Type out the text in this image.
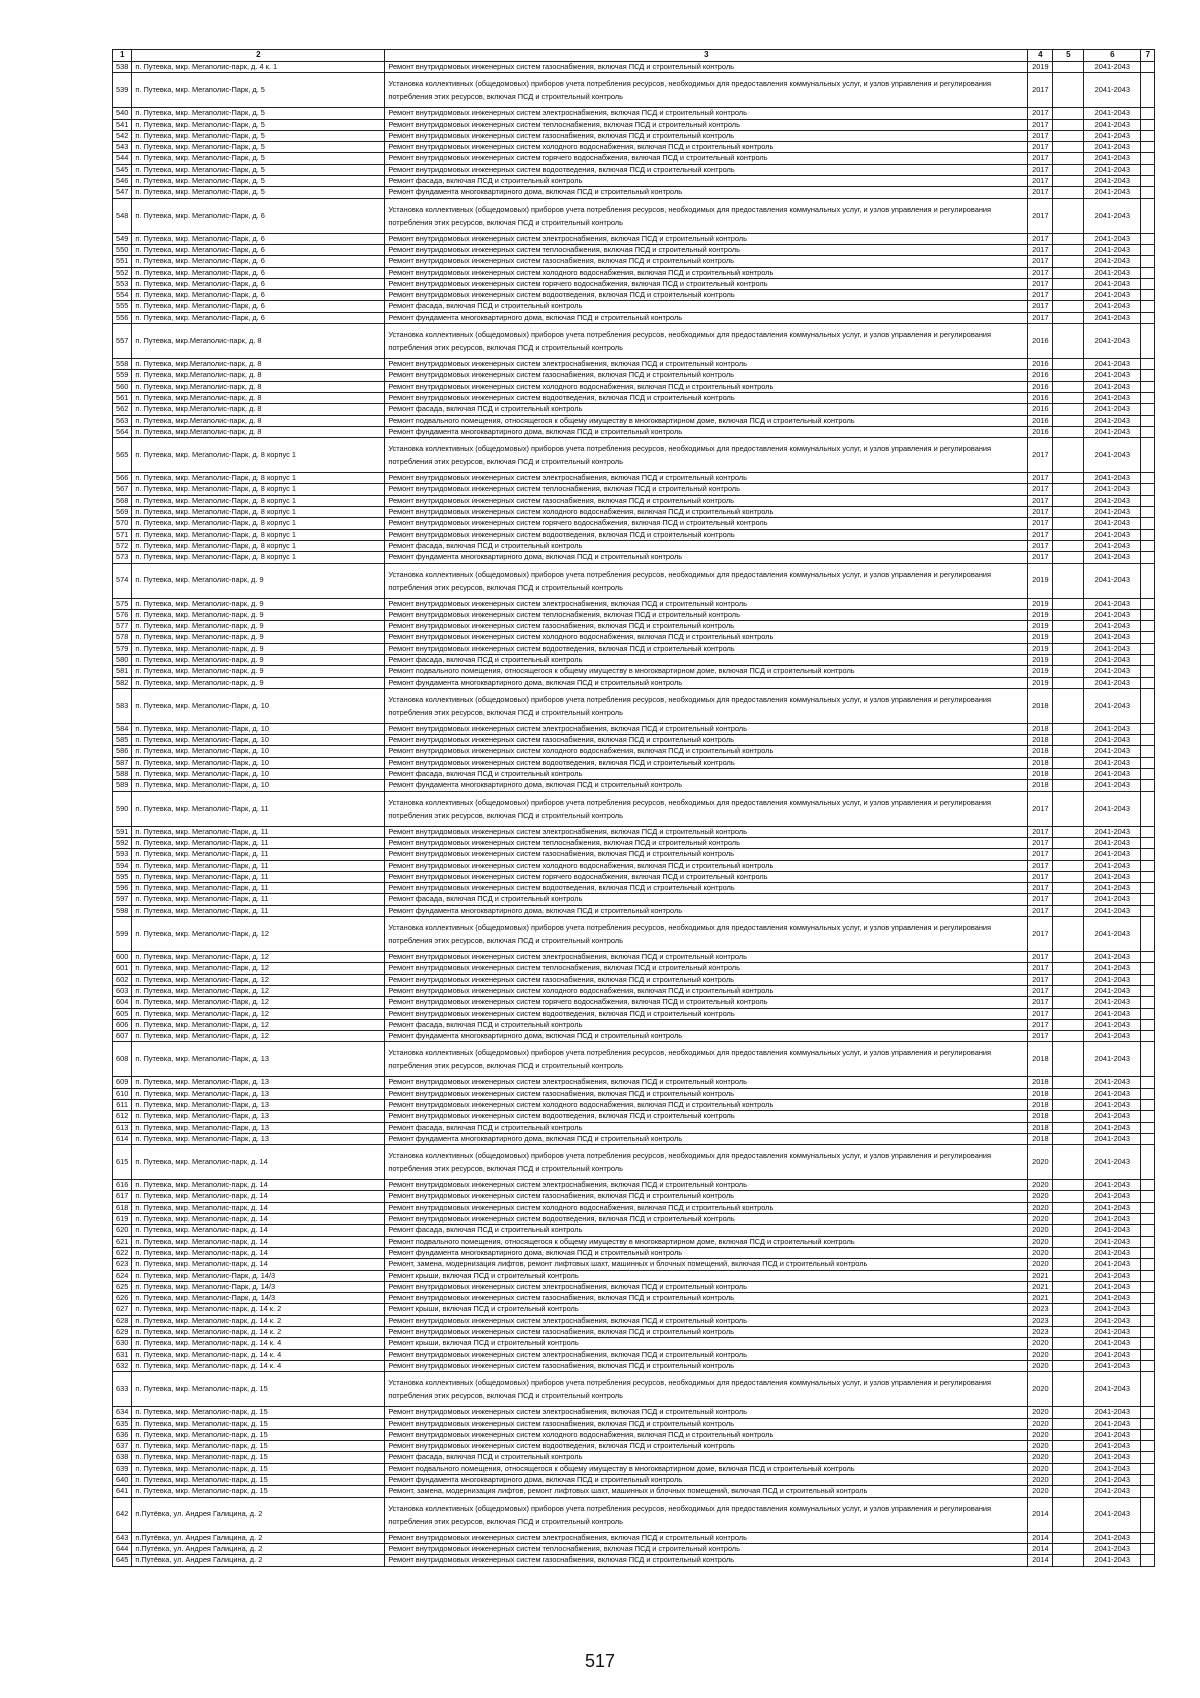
1	2	3	4	5	6	7
538	п. Путевка, мкр. Мегаполис-парк, д. 4 к. 1	Ремонт внутридомовых инженерных систем газоснабжения, включая ПСД и строительный контроль	2019		2041-2043	
539	п. Путевка, мкр. Мегаполис-Парк, д. 5	Установка коллективных (общедомовых) приборов учета потребления ресурсов, необходимых для предоставления коммунальных услуг, и узлов управления и регулирования потребления этих ресурсов, включая ПСД и строительный контроль	2017		2041-2043	
540	п. Путевка, мкр. Мегаполис-Парк, д. 5	Ремонт внутридомовых инженерных систем электроснабжения, включая ПСД и строительный контроль	2017		2041-2043	
541	п. Путевка, мкр. Мегаполис-Парк, д. 5	Ремонт внутридомовых инженерных систем теплоснабжения, включая ПСД и строительный контроль	2017		2041-2043	
542	п. Путевка, мкр. Мегаполис-Парк, д. 5	Ремонт внутридомовых инженерных систем газоснабжения, включая ПСД и строительный контроль	2017		2041-2043	
543	п. Путевка, мкр. Мегаполис-Парк, д. 5	Ремонт внутридомовых инженерных систем холодного водоснабжения, включая ПСД и строительный контроль	2017		2041-2043	
544	п. Путевка, мкр. Мегаполис-Парк, д. 5	Ремонт внутридомовых инженерных систем горячего водоснабжения, включая ПСД и строительный контроль	2017		2041-2043	
545	п. Путевка, мкр. Мегаполис-Парк, д. 5	Ремонт внутридомовых инженерных систем водоотведения, включая ПСД и строительный контроль	2017		2041-2043	
546	п. Путевка, мкр. Мегаполис-Парк, д. 5	Ремонт фасада, включая ПСД и строительный контроль	2017		2041-2043	
547	п. Путевка, мкр. Мегаполис-Парк, д. 5	Ремонт фундамента многоквартирного дома, включая ПСД и строительный контроль	2017		2041-2043	
548	п. Путевка, мкр. Мегаполис-Парк, д. 6	Установка коллективных (общедомовых) приборов учета потребления ресурсов, необходимых для предоставления коммунальных услуг, и узлов управления и регулирования потребления этих ресурсов, включая ПСД и строительный контроль	2017		2041-2043	
549	п. Путевка, мкр. Мегаполис-Парк, д. 6	Ремонт внутридомовых инженерных систем электроснабжения, включая ПСД и строительный контроль	2017		2041-2043	
550	п. Путевка, мкр. Мегаполис-Парк, д. 6	Ремонт внутридомовых инженерных систем теплоснабжения, включая ПСД и строительный контроль	2017		2041-2043	
551	п. Путевка, мкр. Мегаполис-Парк, д. 6	Ремонт внутридомовых инженерных систем газоснабжения, включая ПСД и строительный контроль	2017		2041-2043	
552	п. Путевка, мкр. Мегаполис-Парк, д. 6	Ремонт внутридомовых инженерных систем холодного водоснабжения, включая ПСД и строительный контроль	2017		2041-2043	
553	п. Путевка, мкр. Мегаполис-Парк, д. 6	Ремонт внутридомовых инженерных систем горячего водоснабжения, включая ПСД и строительный контроль	2017		2041-2043	
554	п. Путевка, мкр. Мегаполис-Парк, д. 6	Ремонт внутридомовых инженерных систем водоотведения, включая ПСД и строительный контроль	2017		2041-2043	
555	п. Путевка, мкр. Мегаполис-Парк, д. 6	Ремонт фасада, включая ПСД и строительный контроль	2017		2041-2043	
556	п. Путевка, мкр. Мегаполис-Парк, д. 6	Ремонт фундамента многоквартирного дома, включая ПСД и строительный контроль	2017		2041-2043	
557	п. Путевка, мкр.Мегаполис-парк, д. 8	Установка коллективных (общедомовых) приборов учета потребления ресурсов, необходимых для предоставления коммунальных услуг, и узлов управления и регулирования потребления этих ресурсов, включая ПСД и строительный контроль	2016		2041-2043	
558	п. Путевка, мкр.Мегаполис-парк, д. 8	Ремонт внутридомовых инженерных систем электроснабжения, включая ПСД и строительный контроль	2016		2041-2043	
559	п. Путевка, мкр.Мегаполис-парк, д. 8	Ремонт внутридомовых инженерных систем газоснабжения, включая ПСД и строительный контроль	2016		2041-2043	
560	п. Путевка, мкр.Мегаполис-парк, д. 8	Ремонт внутридомовых инженерных систем холодного водоснабжения, включая ПСД и строительный контроль	2016		2041-2043	
561	п. Путевка, мкр.Мегаполис-парк, д. 8	Ремонт внутридомовых инженерных систем водоотведения, включая ПСД и строительный контроль	2016		2041-2043	
562	п. Путевка, мкр.Мегаполис-парк, д. 8	Ремонт фасада, включая ПСД и строительный контроль	2016		2041-2043	
563	п. Путевка, мкр.Мегаполис-парк, д. 8	Ремонт подвального помещения, относящегося к общему имуществу в многоквартирном доме, включая ПСД и строительный контроль	2016		2041-2043	
564	п. Путевка, мкр.Мегаполис-парк, д. 8	Ремонт фундамента многоквартирного дома, включая ПСД и строительный контроль	2016		2041-2043	
565	п. Путевка, мкр. Мегаполис-Парк, д. 8 корпус 1	Установка коллективных (общедомовых) приборов учета потребления ресурсов, необходимых для предоставления коммунальных услуг, и узлов управления и регулирования потребления этих ресурсов, включая ПСД и строительный контроль	2017		2041-2043	
566	п. Путевка, мкр. Мегаполис-Парк, д. 8 корпус 1	Ремонт внутридомовых инженерных систем электроснабжения, включая ПСД и строительный контроль	2017		2041-2043	
567	п. Путевка, мкр. Мегаполис-Парк, д. 8 корпус 1	Ремонт внутридомовых инженерных систем теплоснабжения, включая ПСД и строительный контроль	2017		2041-2043	
568	п. Путевка, мкр. Мегаполис-Парк, д. 8 корпус 1	Ремонт внутридомовых инженерных систем газоснабжения, включая ПСД и строительный контроль	2017		2041-2043	
569	п. Путевка, мкр. Мегаполис-Парк, д. 8 корпус 1	Ремонт внутридомовых инженерных систем холодного водоснабжения, включая ПСД и строительный контроль	2017		2041-2043	
570	п. Путевка, мкр. Мегаполис-Парк, д. 8 корпус 1	Ремонт внутридомовых инженерных систем горячего водоснабжения, включая ПСД и строительный контроль	2017		2041-2043	
571	п. Путевка, мкр. Мегаполис-Парк, д. 8 корпус 1	Ремонт внутридомовых инженерных систем водоотведения, включая ПСД и строительный контроль	2017		2041-2043	
572	п. Путевка, мкр. Мегаполис-Парк, д. 8 корпус 1	Ремонт фасада, включая ПСД и строительный контроль	2017		2041-2043	
573	п. Путевка, мкр. Мегаполис-Парк, д. 8 корпус 1	Ремонт фундамента многоквартирного дома, включая ПСД и строительный контроль	2017		2041-2043	
574	п. Путевка, мкр. Мегаполис-парк, д. 9	Установка коллективных (общедомовых) приборов учета потребления ресурсов, необходимых для предоставления коммунальных услуг, и узлов управления и регулирования потребления этих ресурсов, включая ПСД и строительный контроль	2019		2041-2043	
575	п. Путевка, мкр. Мегаполис-парк, д. 9	Ремонт внутридомовых инженерных систем электроснабжения, включая ПСД и строительный контроль	2019		2041-2043	
576	п. Путевка, мкр. Мегаполис-парк, д. 9	Ремонт внутридомовых инженерных систем теплоснабжения, включая ПСД и строительный контроль	2019		2041-2043	
577	п. Путевка, мкр. Мегаполис-парк, д. 9	Ремонт внутридомовых инженерных систем газоснабжения, включая ПСД и строительный контроль	2019		2041-2043	
578	п. Путевка, мкр. Мегаполис-парк, д. 9	Ремонт внутридомовых инженерных систем холодного водоснабжения, включая ПСД и строительный контроль	2019		2041-2043	
579	п. Путевка, мкр. Мегаполис-парк, д. 9	Ремонт внутридомовых инженерных систем водоотведения, включая ПСД и строительный контроль	2019		2041-2043	
580	п. Путевка, мкр. Мегаполис-парк, д. 9	Ремонт фасада, включая ПСД и строительный контроль	2019		2041-2043	
581	п. Путевка, мкр. Мегаполис-парк, д. 9	Ремонт подвального помещения, относящегося к общему имуществу в многоквартирном доме, включая ПСД и строительный контроль	2019		2041-2043	
582	п. Путевка, мкр. Мегаполис-парк, д. 9	Ремонт фундамента многоквартирного дома, включая ПСД и строительный контроль	2019		2041-2043	
583	п. Путевка, мкр. Мегаполис-Парк, д. 10	Установка коллективных (общедомовых) приборов учета потребления ресурсов, необходимых для предоставления коммунальных услуг, и узлов управления и регулирования потребления этих ресурсов, включая ПСД и строительный контроль	2018		2041-2043	
584	п. Путевка, мкр. Мегаполис-Парк, д. 10	Ремонт внутридомовых инженерных систем электроснабжения, включая ПСД и строительный контроль	2018		2041-2043	
585	п. Путевка, мкр. Мегаполис-Парк, д. 10	Ремонт внутридомовых инженерных систем газоснабжения, включая ПСД и строительный контроль	2018		2041-2043	
586	п. Путевка, мкр. Мегаполис-Парк, д. 10	Ремонт внутридомовых инженерных систем холодного водоснабжения, включая ПСД и строительный контроль	2018		2041-2043	
587	п. Путевка, мкр. Мегаполис-Парк, д. 10	Ремонт внутридомовых инженерных систем водоотведения, включая ПСД и строительный контроль	2018		2041-2043	
588	п. Путевка, мкр. Мегаполис-Парк, д. 10	Ремонт фасада, включая ПСД и строительный контроль	2018		2041-2043	
589	п. Путевка, мкр. Мегаполис-Парк, д. 10	Ремонт фундамента многоквартирного дома, включая ПСД и строительный контроль	2018		2041-2043	
590	п. Путевка, мкр. Мегаполис-Парк, д. 11	Установка коллективных (общедомовых) приборов учета потребления ресурсов, необходимых для предоставления коммунальных услуг, и узлов управления и регулирования потребления этих ресурсов, включая ПСД и строительный контроль	2017		2041-2043	
591	п. Путевка, мкр. Мегаполис-Парк, д. 11	Ремонт внутридомовых инженерных систем электроснабжения, включая ПСД и строительный контроль	2017		2041-2043	
592	п. Путевка, мкр. Мегаполис-Парк, д. 11	Ремонт внутридомовых инженерных систем теплоснабжения, включая ПСД и строительный контроль	2017		2041-2043	
593	п. Путевка, мкр. Мегаполис-Парк, д. 11	Ремонт внутридомовых инженерных систем газоснабжения, включая ПСД и строительный контроль	2017		2041-2043	
594	п. Путевка, мкр. Мегаполис-Парк, д. 11	Ремонт внутридомовых инженерных систем холодного водоснабжения, включая ПСД и строительный контроль	2017		2041-2043	
595	п. Путевка, мкр. Мегаполис-Парк, д. 11	Ремонт внутридомовых инженерных систем горячего водоснабжения, включая ПСД и строительный контроль	2017		2041-2043	
596	п. Путевка, мкр. Мегаполис-Парк, д. 11	Ремонт внутридомовых инженерных систем водоотведения, включая ПСД и строительный контроль	2017		2041-2043	
597	п. Путевка, мкр. Мегаполис-Парк, д. 11	Ремонт фасада, включая ПСД и строительный контроль	2017		2041-2043	
598	п. Путевка, мкр. Мегаполис-Парк, д. 11	Ремонт фундамента многоквартирного дома, включая ПСД и строительный контроль	2017		2041-2043	
599	п. Путевка, мкр. Мегаполис-Парк, д. 12	Установка коллективных (общедомовых) приборов учета потребления ресурсов, необходимых для предоставления коммунальных услуг, и узлов управления и регулирования потребления этих ресурсов, включая ПСД и строительный контроль	2017		2041-2043	
600	п. Путевка, мкр. Мегаполис-Парк, д. 12	Ремонт внутридомовых инженерных систем электроснабжения, включая ПСД и строительный контроль	2017		2041-2043	
601	п. Путевка, мкр. Мегаполис-Парк, д. 12	Ремонт внутридомовых инженерных систем теплоснабжения, включая ПСД и строительный контроль	2017		2041-2043	
602	п. Путевка, мкр. Мегаполис-Парк, д. 12	Ремонт внутридомовых инженерных систем газоснабжения, включая ПСД и строительный контроль	2017		2041-2043	
603	п. Путевка, мкр. Мегаполис-Парк, д. 12	Ремонт внутридомовых инженерных систем холодного водоснабжения, включая ПСД и строительный контроль	2017		2041-2043	
604	п. Путевка, мкр. Мегаполис-Парк, д. 12	Ремонт внутридомовых инженерных систем горячего водоснабжения, включая ПСД и строительный контроль	2017		2041-2043	
605	п. Путевка, мкр. Мегаполис-Парк, д. 12	Ремонт внутридомовых инженерных систем водоотведения, включая ПСД и строительный контроль	2017		2041-2043	
606	п. Путевка, мкр. Мегаполис-Парк, д. 12	Ремонт фасада, включая ПСД и строительный контроль	2017		2041-2043	
607	п. Путевка, мкр. Мегаполис-Парк, д. 12	Ремонт фундамента многоквартирного дома, включая ПСД и строительный контроль	2017		2041-2043	
608	п. Путевка, мкр. Мегаполис-Парк, д. 13	Установка коллективных (общедомовых) приборов учета потребления ресурсов, необходимых для предоставления коммунальных услуг, и узлов управления и регулирования потребления этих ресурсов, включая ПСД и строительный контроль	2018		2041-2043	
609	п. Путевка, мкр. Мегаполис-Парк, д. 13	Ремонт внутридомовых инженерных систем электроснабжения, включая ПСД и строительный контроль	2018		2041-2043	
610	п. Путевка, мкр. Мегаполис-Парк, д. 13	Ремонт внутридомовых инженерных систем газоснабжения, включая ПСД и строительный контроль	2018		2041-2043	
611	п. Путевка, мкр. Мегаполис-Парк, д. 13	Ремонт внутридомовых инженерных систем холодного водоснабжения, включая ПСД и строительный контроль	2018		2041-2043	
612	п. Путевка, мкр. Мегаполис-Парк, д. 13	Ремонт внутридомовых инженерных систем водоотведения, включая ПСД и строительный контроль	2018		2041-2043	
613	п. Путевка, мкр. Мегаполис-Парк, д. 13	Ремонт фасада, включая ПСД и строительный контроль	2018		2041-2043	
614	п. Путевка, мкр. Мегаполис-Парк, д. 13	Ремонт фундамента многоквартирного дома, включая ПСД и строительный контроль	2018		2041-2043	
615	п. Путевка, мкр. Мегаполис-парк, д. 14	Установка коллективных (общедомовых) приборов учета потребления ресурсов, необходимых для предоставления коммунальных услуг, и узлов управления и регулирования потребления этих ресурсов, включая ПСД и строительный контроль	2020		2041-2043	
616	п. Путевка, мкр. Мегаполис-парк, д. 14	Ремонт внутридомовых инженерных систем электроснабжения, включая ПСД и строительный контроль	2020		2041-2043	
617	п. Путевка, мкр. Мегаполис-парк, д. 14	Ремонт внутридомовых инженерных систем газоснабжения, включая ПСД и строительный контроль	2020		2041-2043	
618	п. Путевка, мкр. Мегаполис-парк, д. 14	Ремонт внутридомовых инженерных систем холодного водоснабжения, включая ПСД и строительный контроль	2020		2041-2043	
619	п. Путевка, мкр. Мегаполис-парк, д. 14	Ремонт внутридомовых инженерных систем водоотведения, включая ПСД и строительный контроль	2020		2041-2043	
620	п. Путевка, мкр. Мегаполис-парк, д. 14	Ремонт фасада, включая ПСД и строительный контроль	2020		2041-2043	
621	п. Путевка, мкр. Мегаполис-парк, д. 14	Ремонт подвального помещения, относящегося к общему имуществу в многоквартирном доме, включая ПСД и строительный контроль	2020		2041-2043	
622	п. Путевка, мкр. Мегаполис-парк, д. 14	Ремонт фундамента многоквартирного дома, включая ПСД и строительный контроль	2020		2041-2043	
623	п. Путевка, мкр. Мегаполис-парк, д. 14	Ремонт, замена, модернизация лифтов, ремонт лифтовых шахт, машинных и блочных помещений, включая ПСД и строительный контроль	2020		2041-2043	
624	п. Путевка, мкр. Мегаполис-Парк, д. 14/3	Ремонт крыши, включая ПСД и строительный контроль	2021		2041-2043	
625	п. Путевка, мкр. Мегаполис-Парк, д. 14/3	Ремонт внутридомовых инженерных систем электроснабжения, включая ПСД и строительный контроль	2021		2041-2043	
626	п. Путевка, мкр. Мегаполис-Парк, д. 14/3	Ремонт внутридомовых инженерных систем газоснабжения, включая ПСД и строительный контроль	2021		2041-2043	
627	п. Путевка, мкр. Мегаполис-парк, д. 14 к. 2	Ремонт крыши, включая ПСД и строительный контроль	2023		2041-2043	
628	п. Путевка, мкр. Мегаполис-парк, д. 14 к. 2	Ремонт внутридомовых инженерных систем электроснабжения, включая ПСД и строительный контроль	2023		2041-2043	
629	п. Путевка, мкр. Мегаполис-парк, д. 14 к. 2	Ремонт внутридомовых инженерных систем газоснабжения, включая ПСД и строительный контроль	2023		2041-2043	
630	п. Путевка, мкр. Мегаполис-парк, д. 14 к. 4	Ремонт крыши, включая ПСД и строительный контроль	2020		2041-2043	
631	п. Путевка, мкр. Мегаполис-парк, д. 14 к. 4	Ремонт внутридомовых инженерных систем электроснабжения, включая ПСД и строительный контроль	2020		2041-2043	
632	п. Путевка, мкр. Мегаполис-парк, д. 14 к. 4	Ремонт внутридомовых инженерных систем газоснабжения, включая ПСД и строительный контроль	2020		2041-2043	
633	п. Путевка, мкр. Мегаполис-парк, д. 15	Установка коллективных (общедомовых) приборов учета потребления ресурсов, необходимых для предоставления коммунальных услуг, и узлов управления и регулирования потребления этих ресурсов, включая ПСД и строительный контроль	2020		2041-2043	
634	п. Путевка, мкр. Мегаполис-парк, д. 15	Ремонт внутридомовых инженерных систем электроснабжения, включая ПСД и строительный контроль	2020		2041-2043	
635	п. Путевка, мкр. Мегаполис-парк, д. 15	Ремонт внутридомовых инженерных систем газоснабжения, включая ПСД и строительный контроль	2020		2041-2043	
636	п. Путевка, мкр. Мегаполис-парк, д. 15	Ремонт внутридомовых инженерных систем холодного водоснабжения, включая ПСД и строительный контроль	2020		2041-2043	
637	п. Путевка, мкр. Мегаполис-парк, д. 15	Ремонт внутридомовых инженерных систем водоотведения, включая ПСД и строительный контроль	2020		2041-2043	
638	п. Путевка, мкр. Мегаполис-парк, д. 15	Ремонт фасада, включая ПСД и строительный контроль	2020		2041-2043	
639	п. Путевка, мкр. Мегаполис-парк, д. 15	Ремонт подвального помещения, относящегося к общему имуществу в многоквартирном доме, включая ПСД и строительный контроль	2020		2041-2043	
640	п. Путевка, мкр. Мегаполис-парк, д. 15	Ремонт фундамента многоквартирного дома, включая ПСД и строительный контроль	2020		2041-2043	
641	п. Путевка, мкр. Мегаполис-парк, д. 15	Ремонт, замена, модернизация лифтов, ремонт лифтовых шахт, машинных и блочных помещений, включая ПСД и строительный контроль	2020		2041-2043	
642	п.Путёвка, ул. Андрея Галицина, д. 2	Установка коллективных (общедомовых) приборов учета потребления ресурсов, необходимых для предоставления коммунальных услуг, и узлов управления и регулирования потребления этих ресурсов, включая ПСД и строительный контроль	2014		2041-2043	
643	п.Путёвка, ул. Андрея Галицина, д. 2	Ремонт внутридомовых инженерных систем электроснабжения, включая ПСД и строительный контроль	2014		2041-2043	
644	п.Путёвка, ул. Андрея Галицина, д. 2	Ремонт внутридомовых инженерных систем теплоснабжения, включая ПСД и строительный контроль	2014		2041-2043	
645	п.Путёвка, ул. Андрея Галицина, д. 2	Ремонт внутридомовых инженерных систем газоснабжения, включая ПСД и строительный контроль	2014		2041-2043	
517
